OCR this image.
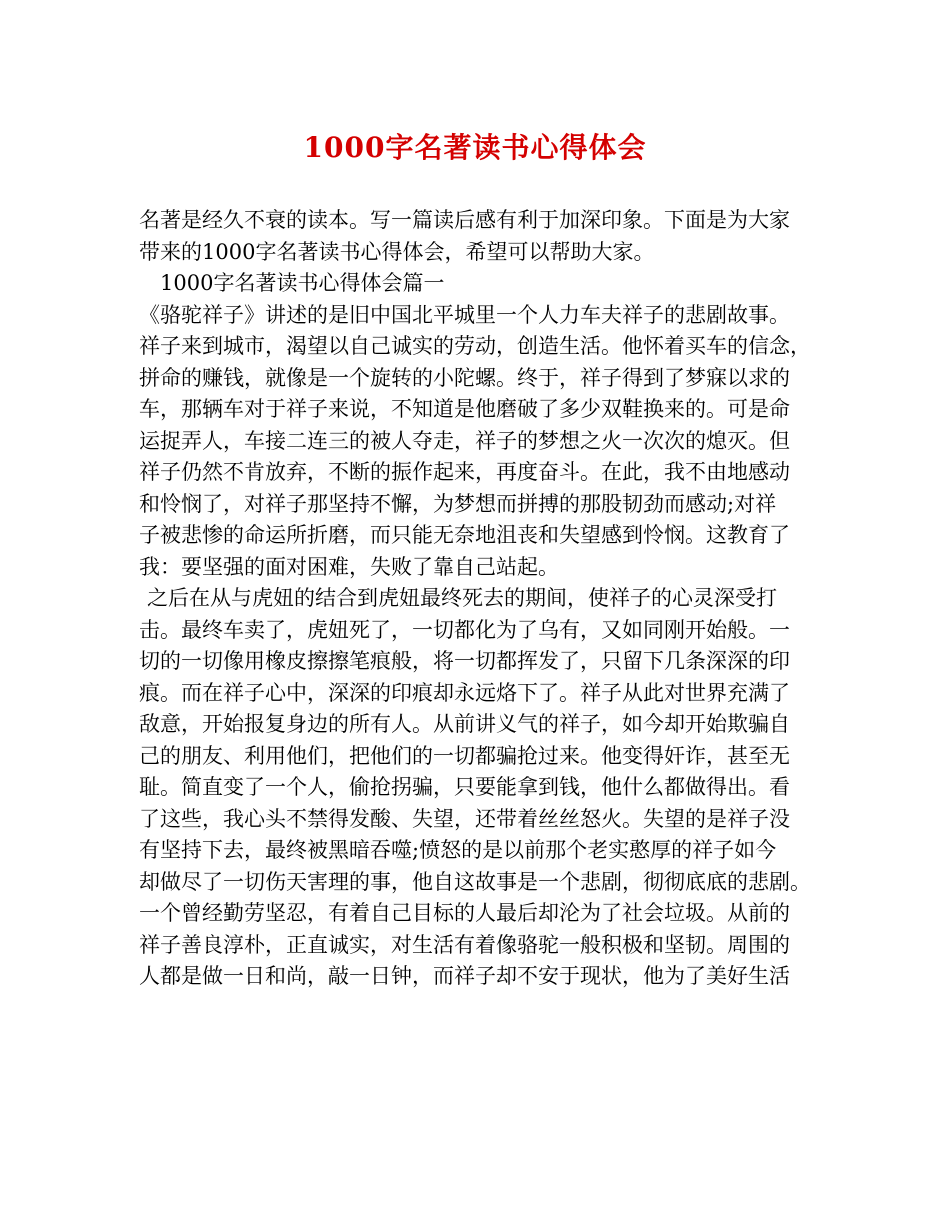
1000字名著读书心得体会
名著是经久不衰的读本。写一篇读后感有利于加深印象。下面是为大家
带来的1000字名著读书心得体会，希望可以帮助大家。
1000字名著读书心得体会篇一
《骆驼祥子》讲述的是旧中国北平城里一个人力车夫祥子的悲剧故事。
祥子来到城市，渴望以自己诚实的劳动，创造生活。他怀着买车的信念，
拼命的赚钱，就像是一个旋转的小陀螺。终于，祥子得到了梦寐以求的
车，那辆车对于祥子来说，不知道是他磨破了多少双鞋换来的。可是命
运捉弄人，车接二连三的被人夺走，祥子的梦想之火一次次的熄灭。但
祥子仍然不肯放弃，不断的振作起来，再度奋斗。在此，我不由地感动
和怜悯了，对祥子那坚持不懈，为梦想而拼搏的那股韧劲而感动;对祥
子被悲惨的命运所折磨，而只能无奈地沮丧和失望感到怜悯。这教育了
我：要坚强的面对困难，失败了靠自己站起。
之后在从与虎妞的结合到虎妞最终死去的期间，使祥子的心灵深受打
击。最终车卖了，虎妞死了，一切都化为了乌有，又如同刚开始般。一
切的一切像用橡皮擦擦笔痕般，将一切都挥发了，只留下几条深深的印
痕。而在祥子心中，深深的印痕却永远烙下了。祥子从此对世界充满了
敌意，开始报复身边的所有人。从前讲义气的祥子，如今却开始欺骗自
己的朋友、利用他们，把他们的一切都骗抢过来。他变得奸诈，甚至无
耻。简直变了一个人，偷抢拐骗，只要能拿到钱，他什么都做得出。看
了这些，我心头不禁得发酸、失望，还带着丝丝怒火。失望的是祥子没
有坚持下去，最终被黑暗吞噬;愤怒的是以前那个老实憨厚的祥子如今
却做尽了一切伤天害理的事，他自这故事是一个悲剧，彻彻底底的悲剧。
一个曾经勤劳坚忍，有着自己目标的人最后却沦为了社会垃圾。从前的
祥子善良淳朴，正直诚实，对生活有着像骆驼一般积极和坚韧。周围的
人都是做一日和尚，敲一日钟，而祥子却不安于现状，他为了美好生活
